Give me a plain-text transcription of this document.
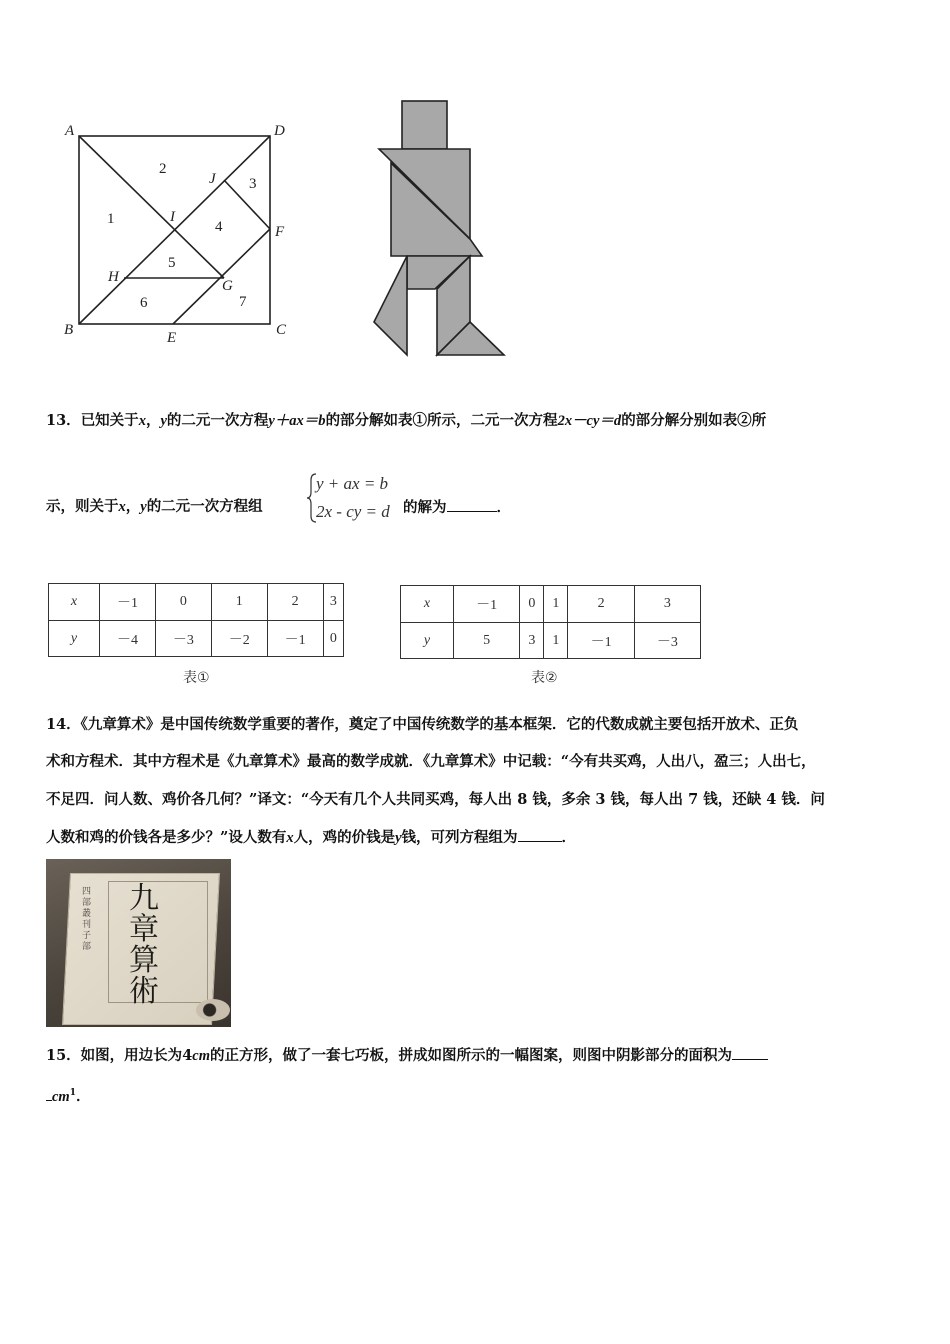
A	D
B	C
J
I
F
H
G
E
1
2
3
4
5
6	7
13．已知关于x，y的二元一次方程y＋ax＝b的部分解如表①所示，二元一次方程2x－cy＝d的部分解分别如表②所
示，则关于x，y的二元一次方程组
y + ax = b
2x - cy = d 的解为	．
x	－1	0	1	2	3
y	－4	－3	－2	－1	0
表①
x	－1	0	1	2	3
y	5	3	1	－1	－3
表②
14．《九章算术》是中国传统数学重要的著作，奠定了中国传统数学的基本框架．它的代数成就主要包括开放术、正负
术和方程术．其中方程术是《九章算术》最高的数学成就．《九章算术》中记载：“今有共买鸡，人出八，盈三；人出七，
不足四．问人数、鸡价各几何？”译文：“今天有几个人共同买鸡，每人出 8 钱，多余 3 钱，每人出 7 钱，还缺 4 钱．问
人数和鸡的价钱各是多少？”设人数有x人，鸡的价钱是y钱，可列方程组为	．
九章算術
四部叢刊子部
15．如图，用边长为4cm的正方形，做了一套七巧板，拼成如图所示的一幅图案，则图中阴影部分的面积为
$cm^1$．
